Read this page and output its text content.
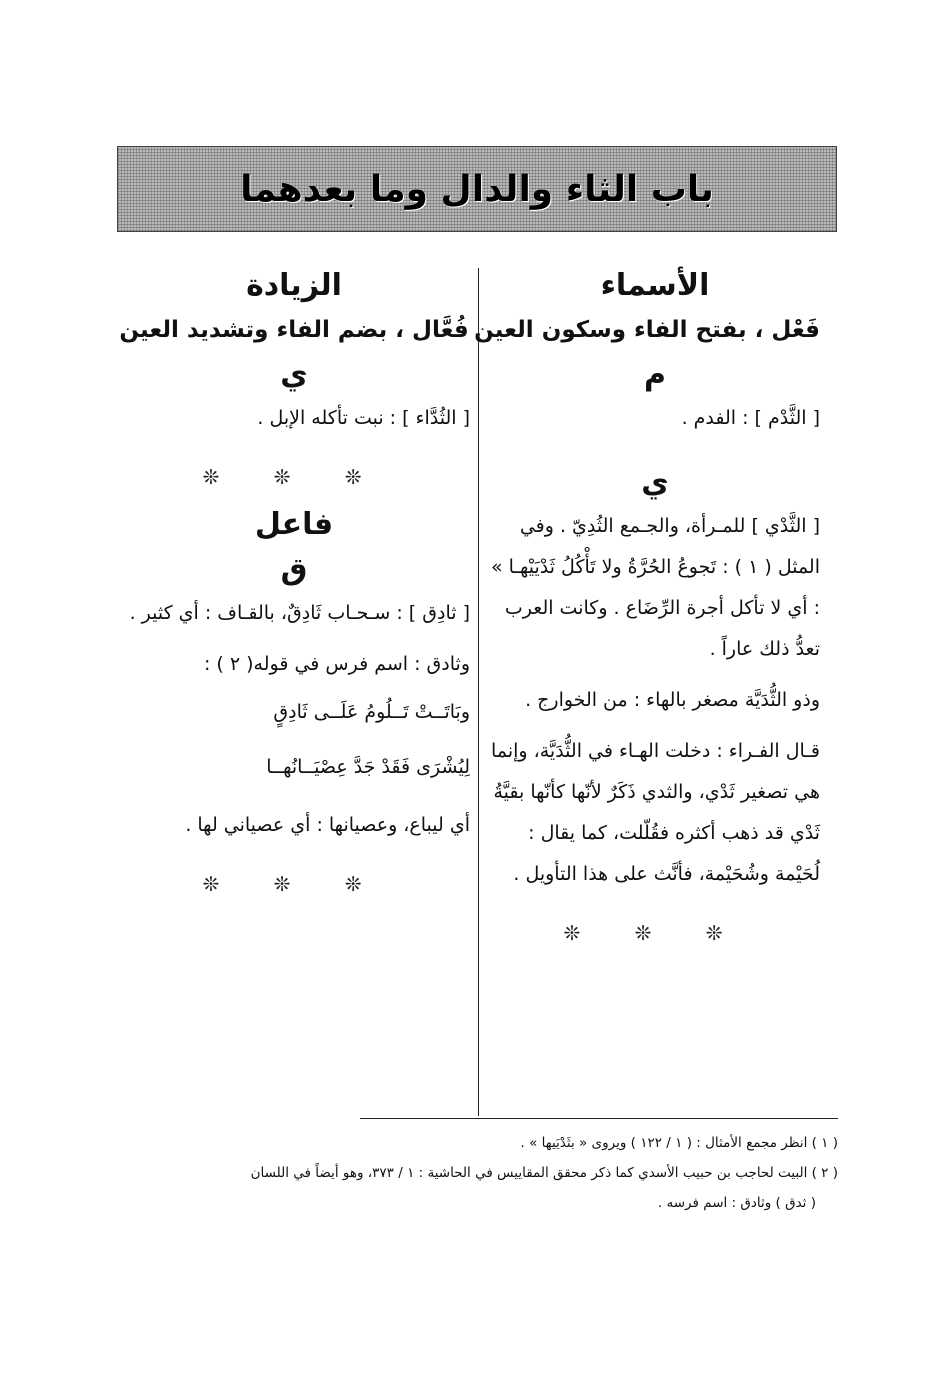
باب الثاء والدال وما بعدهما
الأسماء
فَعْل ، بفتح الفاء وسكون العين
م

[ الثَّدْم ] : الفدم .

ي

[ الثَّدْي ] للمـرأة، والجـمع الثُدِيّ . وفي المثل ( ١ ) : تَجوعُ الحُرَّةُ ولا تَأْكُلُ ثَدْيَيْهـا » : أي لا تأكل أجرة الرِّضَاع . وكانت العرب تعدُّ ذلك عاراً .

وذو الثُّدَيَّة مصغر بالهاء : من الخوارج .

قـال الفـراء : دخلت الهـاء في الثُّدَيَّة، وإنما هي تصغير ثَدْي، والثدي ذَكَرٌ لأنّها كأنّها بقيَّةُ ثَدْي قد ذهب أكثره فقُلّلت، كما يقال : لُحَيْمة وشُحَيْمة، فأنَّث على هذا التأويل .

❊ ❊ ❊
الزيادة
فُعَّال ، بضم الفاء وتشديد العين
ي

[ الثُدَّاء ] : نبت تأكله الإبل .

❊ ❊ ❊
فاعل
ق

[ ثادِق ] : سـحـاب ثَادِقٌ، بالقـاف : أي كثير .

وثادق : اسم فرس في قوله( ٢ ) :

وبَاتَــتْ تَــلُومُ عَلَــى ثَادِقٍ

لِيُشْرَى فَقَدْ جَدَّ عِصْيَــانُهــا

أي ليباع، وعصيانها : أي عصياني لها .

❊ ❊ ❊
( ١ ) انظر مجمع الأمثال : ( ١ / ١٢٢ ) ويروى « بثَدْيَيها » .
( ٢ ) البيت لحاجب بن حبيب الأسدي كما ذكر محقق المقاييس في الحاشية : ١ / ٣٧٣، وهو أيضاً في اللسان
( ثدق ) وثادق : اسم فرسه .
